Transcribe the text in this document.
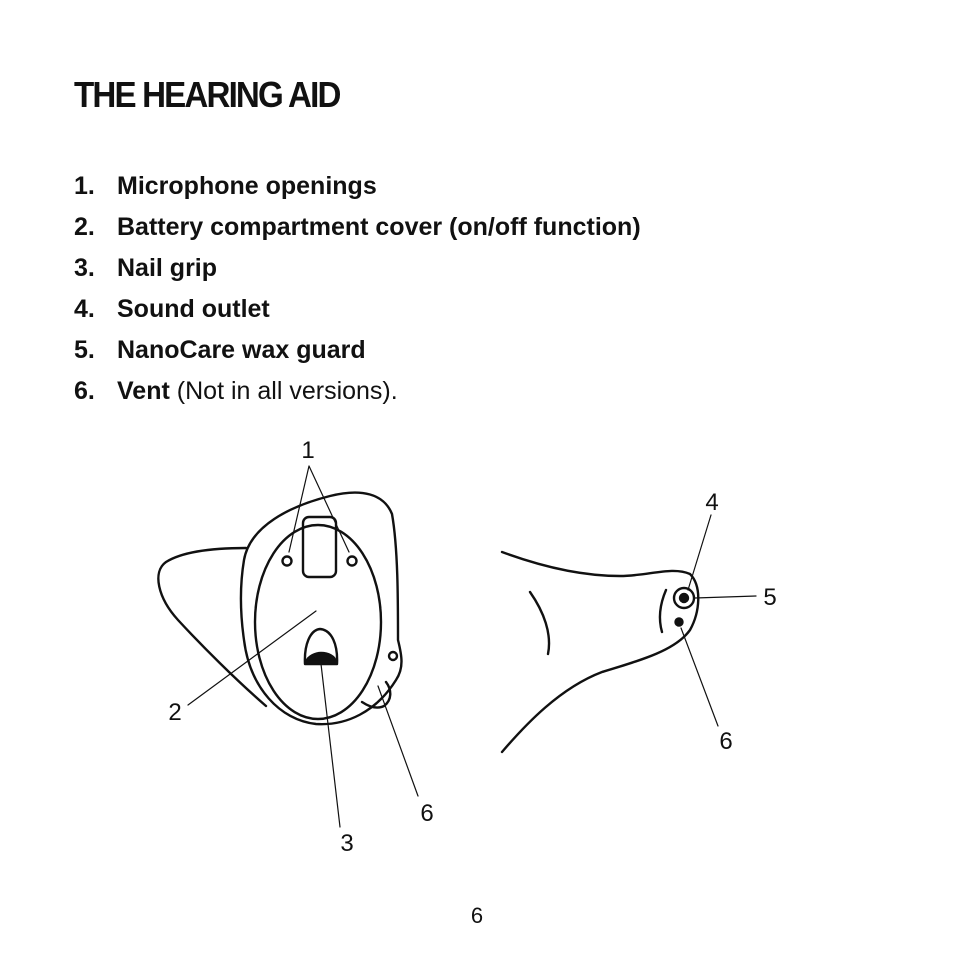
THE HEARING AID
1. Microphone openings
2. Battery compartment cover (on/off function)
3. Nail grip
4. Sound outlet
5. NanoCare wax guard
6. Vent (Not in all versions).
1
2
3
6
4
5
6
6
